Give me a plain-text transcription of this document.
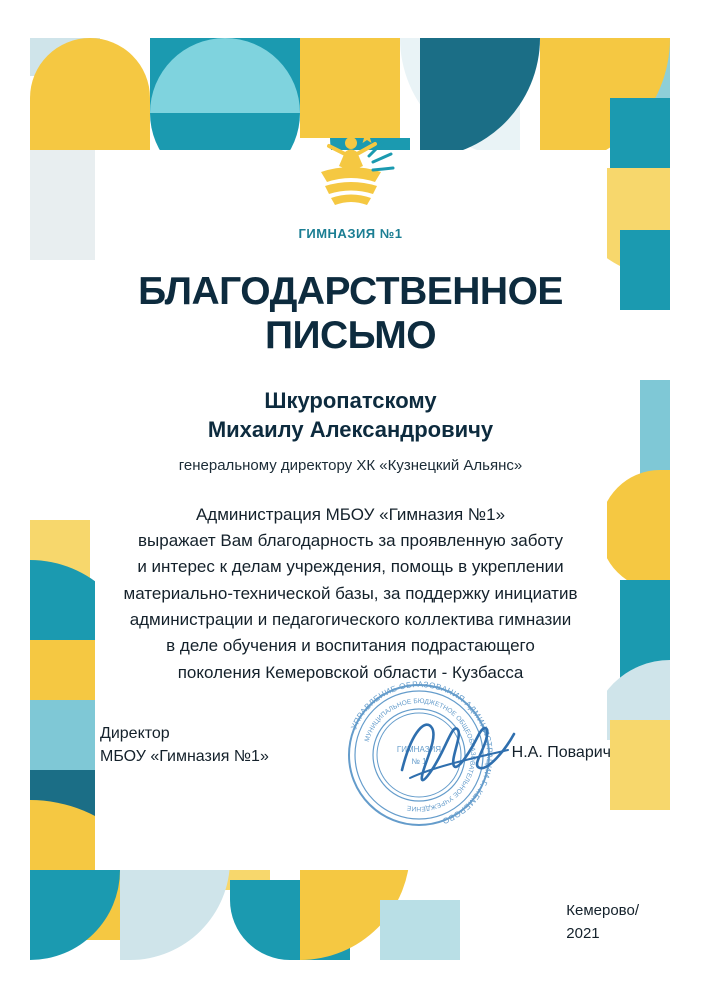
ГИМНАЗИЯ №1
БЛАГОДАРСТВЕННОЕ
ПИСЬМО
Шкуропатскому
Михаилу Александровичу
генеральному директору ХК «Кузнецкий Альянс»
Администрация МБОУ «Гимназия №1»
выражает Вам благодарность за проявленную заботу
и интерес к делам учреждения, помощь в укреплении
материально-технической базы, за поддержку инициатив
администрации и педагогического коллектива гимназии
в деле обучения и воспитания подрастающего
поколения Кемеровской области - Кузбасса
Директор
МБОУ «Гимназия №1»	Н.А. Поварич
УПРАВЛЕНИЕ ОБРАЗОВАНИЯ АДМИНИСТРАЦИИ Г. КЕМЕРОВО
МУНИЦИПАЛЬНОЕ БЮДЖЕТНОЕ ОБЩЕОБРАЗОВАТЕЛЬНОЕ УЧРЕЖДЕНИЕ
ГИМНАЗИЯ
№ 1
Кемерово/
2021
